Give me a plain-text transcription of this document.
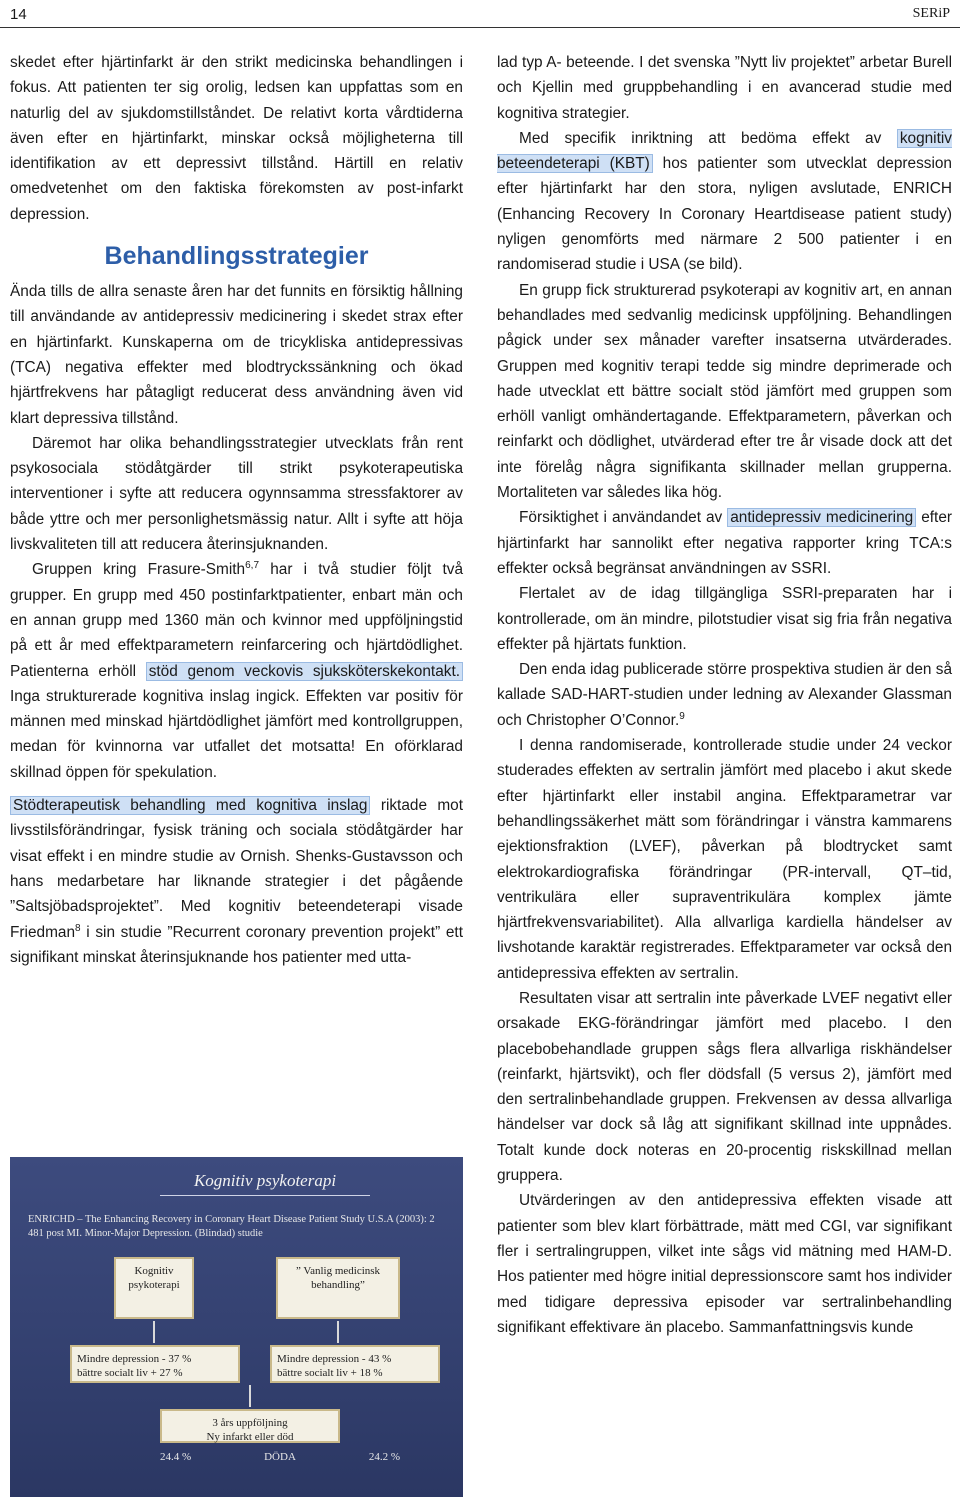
14	SERiP

skedet efter hjärtinfarkt är den strikt medicinska behandlingen i fokus. Att patienten ter sig orolig, ledsen kan uppfattas som en naturlig del av sjukdomstillståndet. De relativt korta vårdtiderna även efter en hjärtinfarkt, minskar också möjligheterna till identifikation av ett depressivt tillstånd. Härtill en relativ omedvetenhet om den faktiska förekomsten av post-infarkt depression.

Behandlingsstrategier

Ända tills de allra senaste åren har det funnits en försiktig hållning till användande av antidepressiv medicinering i skedet strax efter en hjärtinfarkt. Kunskaperna om de tricykliska antidepressivas (TCA) negativa effekter med blodtryckssänkning och ökad hjärtfrekvens har påtagligt reducerat dess användning även vid klart depressiva tillstånd.

Däremot har olika behandlingsstrategier utvecklats från rent psykosociala stödåtgärder till strikt psykoterapeutiska interventioner i syfte att reducera ogynnsamma stressfaktorer av både yttre och mer personlighetsmässig natur. Allt i syfte att höja livskvaliteten till att reducera återinsjuknanden.

Gruppen kring Frasure-Smith$^{6,7}$ har i två studier följt två grupper. En grupp med 450 postinfarktpatienter, enbart män och en annan grupp med 1360 män och kvinnor med uppföljningstid på ett år med effektparametern reinfarcering och hjärtdödlighet. Patienterna erhöll stöd genom veckovis sjuksköterskekontakt. Inga strukturerade kognitiva inslag ingick. Effekten var positiv för männen med minskad hjärtdödlighet jämfört med kontrollgruppen, medan för kvinnorna var utfallet det motsatta! En oförklarad skillnad öppen för spekulation.

Stödterapeutisk behandling med kognitiva inslag riktade mot livsstilsförändringar, fysisk träning och sociala stödåtgärder har visat effekt i en mindre studie av Ornish. Shenks-Gustavsson och hans medarbetare har liknande strategier i det pågående ”Saltsjöbadsprojektet”. Med kognitiv beteendeterapi visade Friedman$^8$ i sin studie ”Recurrent coronary prevention projekt” ett signifikant minskat återinsjuknande hos patienter med utta-

Kognitiv psykoterapi
ENRICHD – The Enhancing Recovery in Coronary Heart Disease Patient Study U.S.A (2003): 2 481 post MI. Minor-Major Depression. (Blindad) studie
Kognitiv psykoterapi
” Vanlig medicinsk behandling”
Mindre depression - 37 %
bättre socialt liv + 27 %
Mindre depression - 43 %
bättre socialt liv + 18 %
3 års uppföljning
Ny infarkt eller död
24.4 %	DÖDA	24.2 %

lad typ A- beteende. I det svenska ”Nytt liv projektet” arbetar Burell och Kjellin med gruppbehandling i en avancerad studie med kognitiva strategier.

Med specifik inriktning att bedöma effekt av kognitiv beteendeterapi (KBT) hos patienter som utvecklat depression efter hjärtinfarkt har den stora, nyligen avslutade, ENRICH (Enhancing Recovery In Coronary Heartdisease patient study) nyligen genomförts med närmare 2 500 patienter i en randomiserad studie i USA (se bild).

En grupp fick strukturerad psykoterapi av kognitiv art, en annan behandlades med sedvanlig medicinsk uppföljning. Behandlingen pågick under sex månader varefter insatserna utvärderades. Gruppen med kognitiv terapi tedde sig mindre deprimerade och hade utvecklat ett bättre socialt stöd jämfört med gruppen som erhöll vanligt omhändertagande. Effektparametern, påverkan och reinfarkt och dödlighet, utvärderad efter tre år visade dock att det inte förelåg några signifikanta skillnader mellan grupperna. Mortaliteten var således lika hög.

Försiktighet i användandet av antidepressiv medicinering efter hjärtinfarkt har sannolikt efter negativa rapporter kring TCA:s effekter också begränsat användningen av SSRI.

Flertalet av de idag tillgängliga SSRI-preparaten har i kontrollerade, om än mindre, pilotstudier visat sig fria från negativa effekter på hjärtats funktion.

Den enda idag publicerade större prospektiva studien är den så kallade SAD-HART-studien under ledning av Alexander Glassman och Christopher O’Connor.$^9$

I denna randomiserade, kontrollerade studie under 24 veckor studerades effekten av sertralin jämfört med placebo i akut skede efter hjärtinfarkt eller instabil angina. Effektparametrar var behandlingssäkerhet mätt som förändringar i vänstra kammarens ejektionsfraktion (LVEF), påverkan på blodtrycket samt elektrokardiografiska förändringar (PR-intervall, QT–tid, ventrikulära eller supraventrikulära komplex jämte hjärtfrekvensvariabilitet). Alla allvarliga kardiella händelser av livshotande karaktär registrerades. Effektparameter var också den antidepressiva effekten av sertralin.

Resultaten visar att sertralin inte påverkade LVEF negativt eller orsakade EKG-förändringar jämfört med placebo. I den placebobehandlade gruppen sågs flera allvarliga riskhändelser (reinfarkt, hjärtsvikt), och fler dödsfall (5 versus 2), jämfört med den sertralinbehandlade gruppen. Frekvensen av dessa allvarliga händelser var dock så låg att signifikant skillnad inte uppnådes. Totalt kunde dock noteras en 20-procentig riskskillnad mellan gruppera.

Utvärderingen av den antidepressiva effekten visade att patienter som blev klart förbättrade, mätt med CGI, var signifikant fler i sertralingruppen, vilket inte sågs vid mätning med HAM-D. Hos patienter med högre initial depressionscore samt hos individer med tidigare depressiva episoder var sertralinbehandling signifikant effektivare än placebo. Sammanfattningsvis kunde
